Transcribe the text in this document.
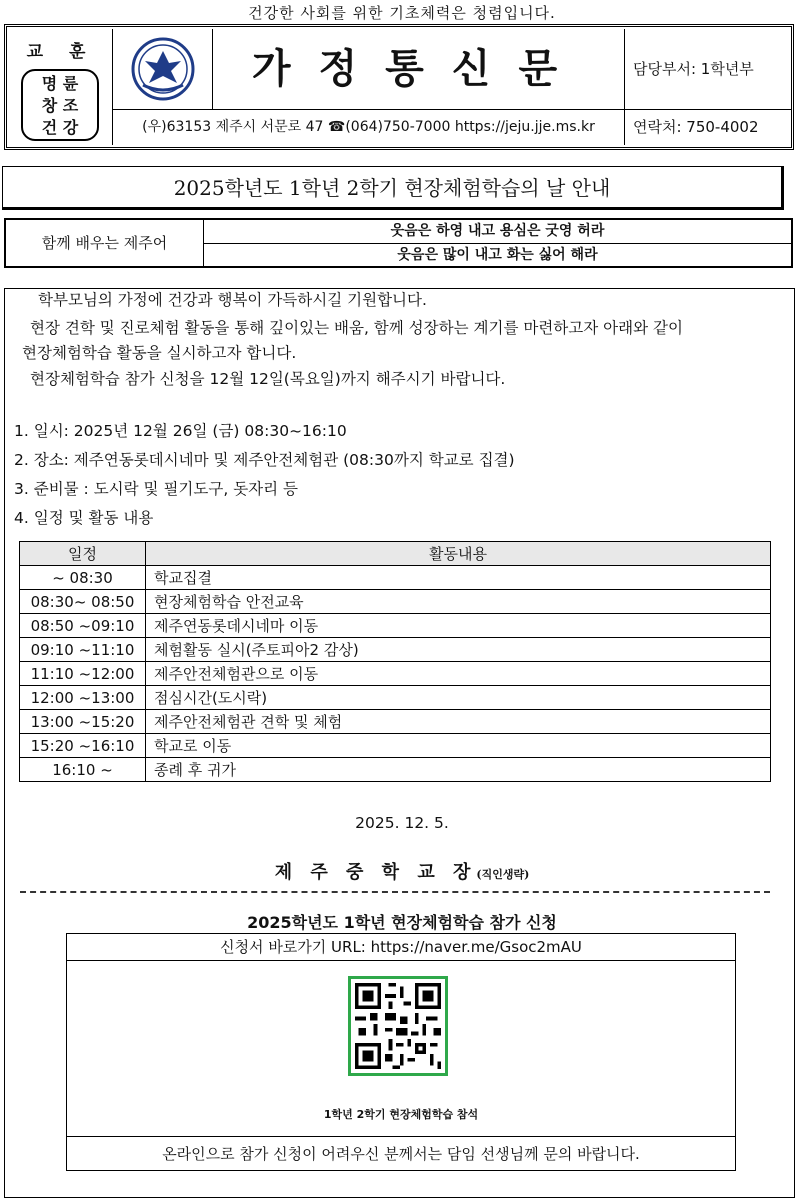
건강한 사회를 위한 기초체력은 청렴입니다.
교 훈
명 륜
창 조
건 강
가정통신문	담당부서: 1학년부
(우)63153 제주시 서문로 47 ☎(064)750-7000 https://jeju.jje.ms.kr	연락처: 750-4002
2025학년도 1학년 2학기 현장체험학습의 날 안내
함께 배우는 제주어
웃음은 하영 내고 용심은 굿영 허라
웃음은 많이 내고 화는 싫어 해라
학부모님의 가정에 건강과 행복이 가득하시길 기원합니다.
현장 견학 및 진로체험 활동을 통해 깊이있는 배움, 함께 성장하는 계기를 마련하고자 아래와 같이
현장체험학습 활동을 실시하고자 합니다.
현장체험학습 참가 신청을 12월 12일(목요일)까지 해주시기 바랍니다.
1. 일시: 2025년 12월 26일 (금) 08:30~16:10
2. 장소: 제주연동롯데시네마 및 제주안전체험관 (08:30까지 학교로 집결)
3. 준비물 : 도시락 및 필기도구, 돗자리 등
4. 일정 및 활동 내용
일정	활동내용
~ 08:30	학교집결
08:30~ 08:50	현장체험학습 안전교육
08:50 ~09:10	제주연동롯데시네마 이동
09:10 ~11:10	체험활동 실시(주토피아2 감상)
11:10 ~12:00	제주안전체험관으로 이동
12:00 ~13:00	점심시간(도시락)
13:00 ~15:20	제주안전체험관 견학 및 체험
15:20 ~16:10	학교로 이동
16:10 ~	종례 후 귀가
2025. 12. 5.
제 주 중 학 교 장(직인생략)
2025학년도 1학년 현장체험학습 참가 신청
신청서 바로가기 URL: https://naver.me/Gsoc2mAU
1학년 2학기 현장체험학습 참석
온라인으로 참가 신청이 어려우신 분께서는 담임 선생님께 문의 바랍니다.
